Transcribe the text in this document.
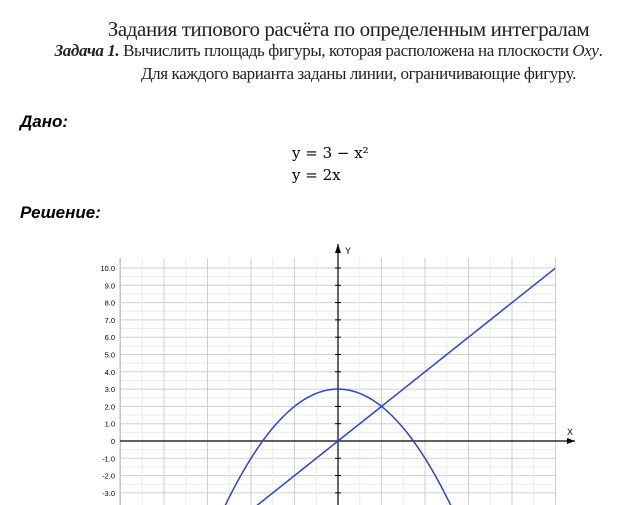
Задания типового расчёта по определенным интегралам
Задача 1. Вычислить площадь фигуры, которая расположена на плоскости Oxy.
Для каждого варианта заданы линии, ограничивающие фигуру.
Дано:
y = 3 − x²
y = 2x
Решение:
X
Y
10.0
9.0
8.0
7.0
6.0
5.0
4.0
3.0
2.0
1.0
0
-1.0
-2.0
-3.0
